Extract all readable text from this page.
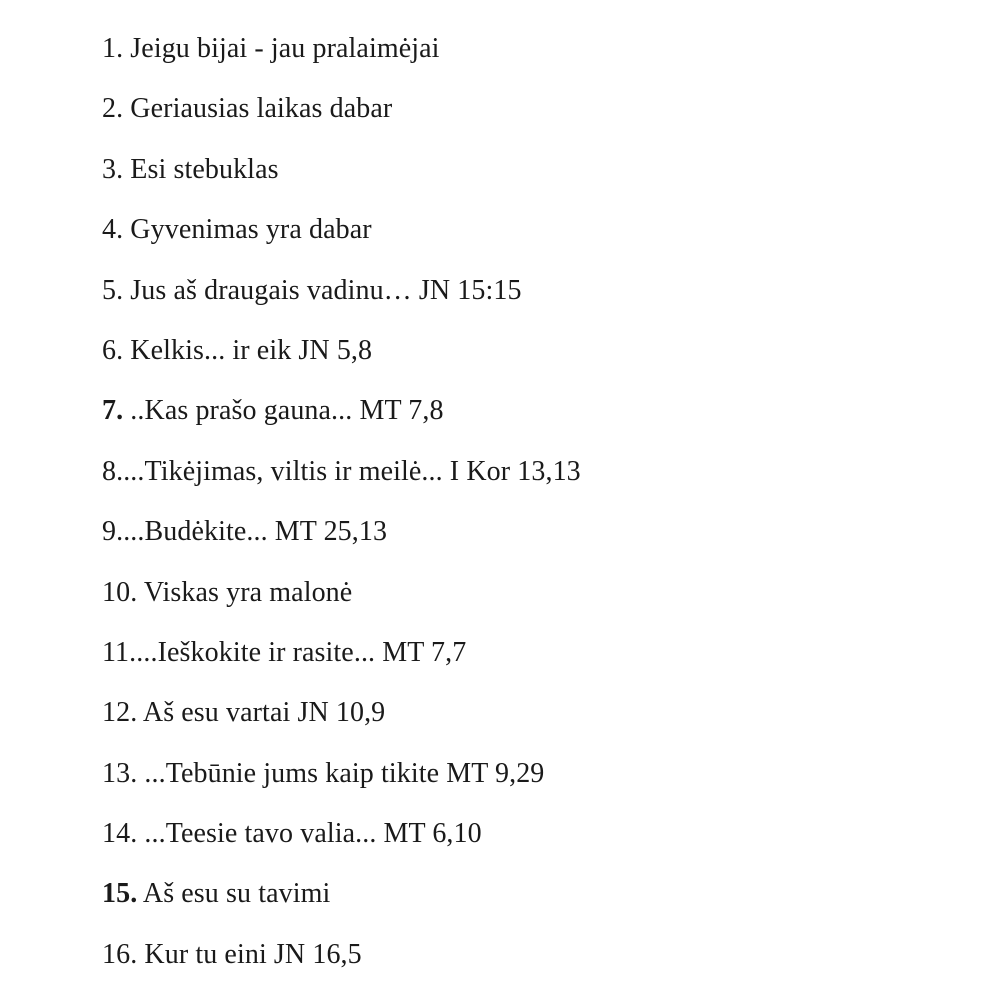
1. Jeigu bijai - jau pralaimėjai
2. Geriausias laikas dabar
3. Esi stebuklas
4. Gyvenimas yra dabar
5. Jus aš draugais vadinu… JN 15:15
6. Kelkis... ir eik JN 5,8
7. ..Kas prašo gauna... MT 7,8
8....Tikėjimas, viltis ir meilė... I Kor 13,13
9....Budėkite... MT 25,13
10. Viskas yra malonė
11....Ieškokite ir rasite... MT 7,7
12. Aš esu vartai JN 10,9
13. ...Tebūnie jums kaip tikite MT 9,29
14. ...Teesie tavo valia... MT 6,10
15. Aš esu su tavimi
16. Kur tu eini JN 16,5
